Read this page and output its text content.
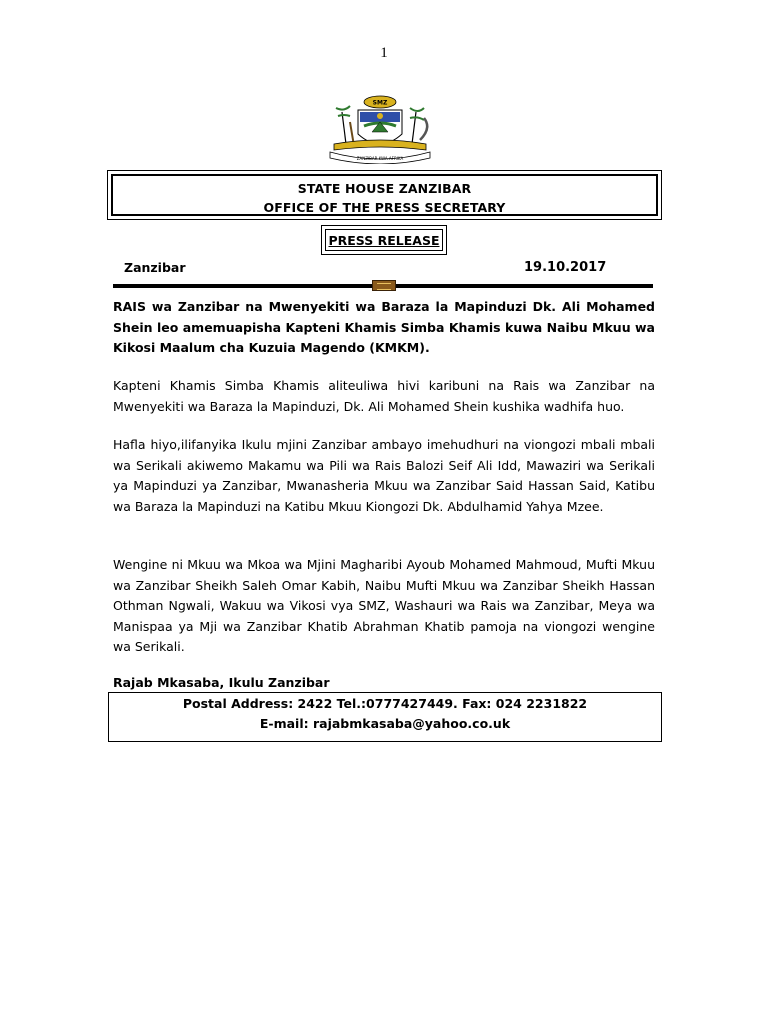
1
SMZ
ZANZIBAR KWA AFRIKA
STATE HOUSE ZANZIBAR
OFFICE OF THE PRESS SECRETARY
PRESS RELEASE
Zanzibar	19.10.2017

RAIS wa Zanzibar na Mwenyekiti wa Baraza la Mapinduzi Dk. Ali Mohamed Shein leo amemuapisha Kapteni Khamis Simba Khamis kuwa Naibu Mkuu wa Kikosi Maalum cha Kuzuia Magendo (KMKM).

Kapteni Khamis Simba Khamis aliteuliwa hivi karibuni na Rais wa Zanzibar na Mwenyekiti wa Baraza la Mapinduzi, Dk. Ali Mohamed Shein kushika wadhifa huo.

Hafla hiyo,ilifanyika Ikulu mjini Zanzibar ambayo imehudhuri na viongozi mbali mbali wa Serikali akiwemo Makamu wa Pili wa Rais Balozi Seif Ali Idd, Mawaziri wa Serikali ya Mapinduzi ya Zanzibar, Mwanasheria Mkuu wa Zanzibar Said Hassan Said, Katibu wa Baraza la Mapinduzi na Katibu Mkuu Kiongozi Dk. Abdulhamid Yahya Mzee.

Wengine ni Mkuu wa Mkoa wa Mjini Magharibi Ayoub Mohamed Mahmoud, Mufti Mkuu wa Zanzibar Sheikh Saleh Omar Kabih, Naibu Mufti Mkuu wa Zanzibar Sheikh Hassan Othman Ngwali, Wakuu wa Vikosi vya SMZ, Washauri wa Rais wa Zanzibar, Meya wa Manispaa ya Mji wa Zanzibar Khatib Abrahman Khatib pamoja na viongozi wengine wa Serikali.

Rajab Mkasaba, Ikulu Zanzibar
Postal Address: 2422 Tel.:0777427449. Fax: 024 2231822
E-mail: rajabmkasaba@yahoo.co.uk
